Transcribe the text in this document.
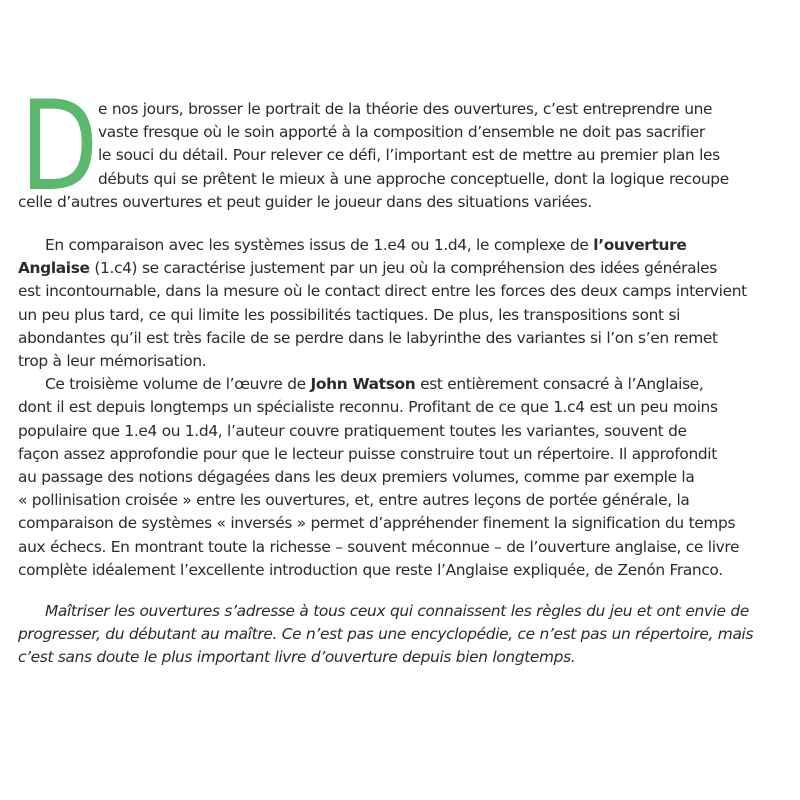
D e nos jours, brosser le portrait de la théorie des ouvertures, c’est entreprendre une
vaste fresque où le soin apporté à la composition d’ensemble ne doit pas sacrifier
le souci du détail. Pour relever ce défi, l’important est de mettre au premier plan les
débuts qui se prêtent le mieux à une approche conceptuelle, dont la logique recoupe
celle d’autres ouvertures et peut guider le joueur dans des situations variées.
En comparaison avec les systèmes issus de 1.e4 ou 1.d4, le complexe de l’ouverture
Anglaise (1.c4) se caractérise justement par un jeu où la compréhension des idées générales
est incontournable, dans la mesure où le contact direct entre les forces des deux camps intervient
un peu plus tard, ce qui limite les possibilités tactiques. De plus, les transpositions sont si
abondantes qu’il est très facile de se perdre dans le labyrinthe des variantes si l’on s’en remet
trop à leur mémorisation.
Ce troisième volume de l’œuvre de John Watson est entièrement consacré à l’Anglaise,
dont il est depuis longtemps un spécialiste reconnu. Profitant de ce que 1.c4 est un peu moins
populaire que 1.e4 ou 1.d4, l’auteur couvre pratiquement toutes les variantes, souvent de
façon assez approfondie pour que le lecteur puisse construire tout un répertoire. Il approfondit
au passage des notions dégagées dans les deux premiers volumes, comme par exemple la
« pollinisation croisée » entre les ouvertures, et, entre autres leçons de portée générale, la
comparaison de systèmes « inversés » permet d’appréhender finement la signification du temps
aux échecs. En montrant toute la richesse – souvent méconnue – de l’ouverture anglaise, ce livre
complète idéalement l’excellente introduction que reste l’Anglaise expliquée, de Zenón Franco.
Maîtriser les ouvertures s’adresse à tous ceux qui connaissent les règles du jeu et ont envie de
progresser, du débutant au maître. Ce n’est pas une encyclopédie, ce n’est pas un répertoire, mais
c’est sans doute le plus important livre d’ouverture depuis bien longtemps.
